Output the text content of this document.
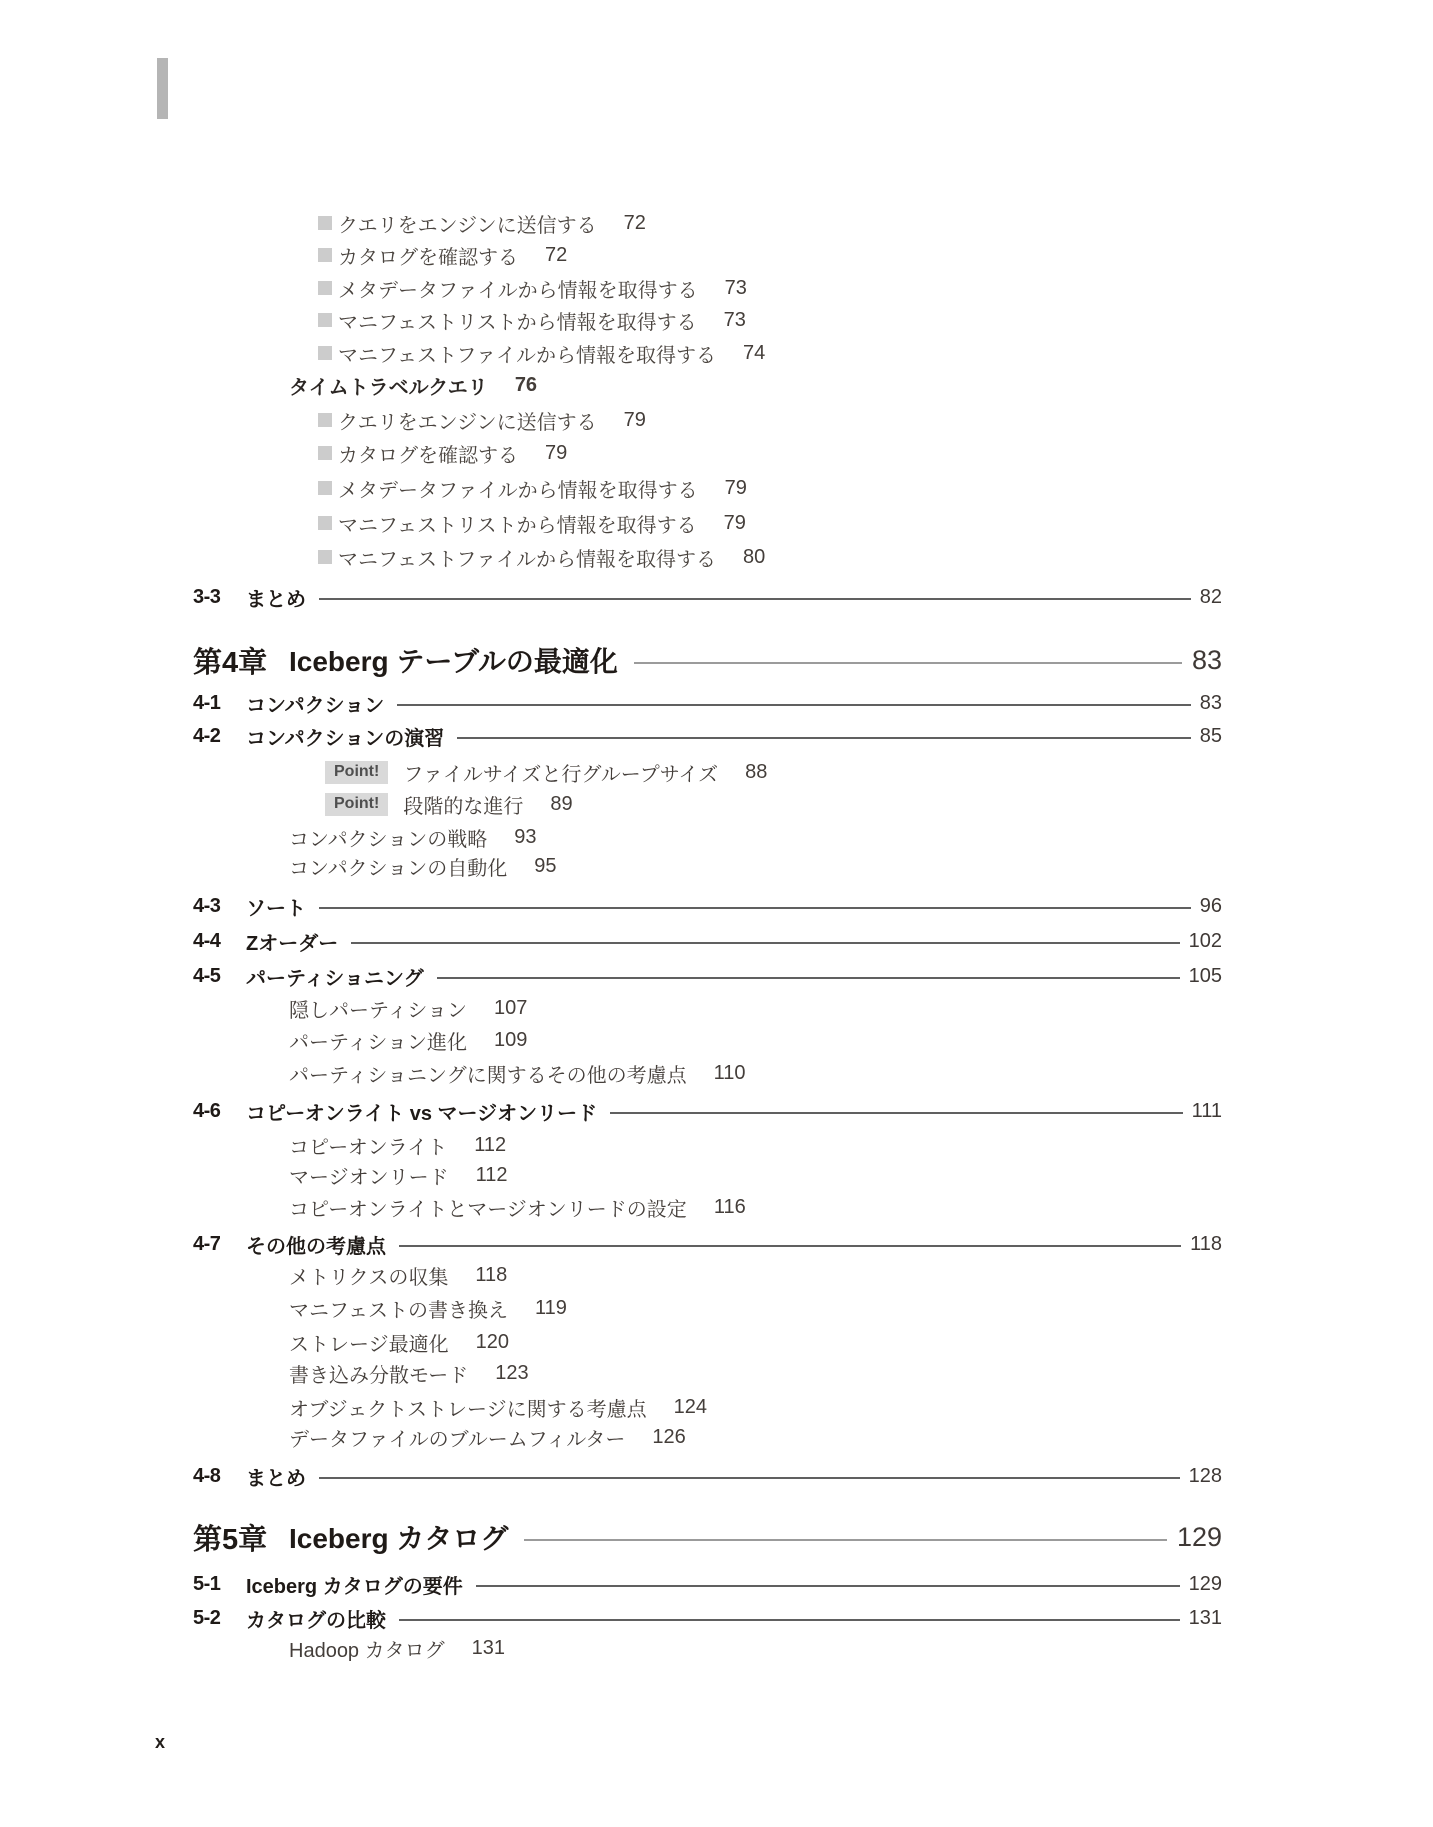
クエリをエンジンに送信する 72
カタログを確認する 72
メタデータファイルから情報を取得する 73
マニフェストリストから情報を取得する 73
マニフェストファイルから情報を取得する 74
タイムトラベルクエリ 76
クエリをエンジンに送信する 79
カタログを確認する 79
メタデータファイルから情報を取得する 79
マニフェストリストから情報を取得する 79
マニフェストファイルから情報を取得する 80
3-3	まとめ	82
第4章 Iceberg テーブルの最適化	83
4-1	コンパクション	83
4-2	コンパクションの演習	85
Point!	ファイルサイズと行グループサイズ 88
Point!	段階的な進行 89
コンパクションの戦略 93
コンパクションの自動化 95
4-3	ソート	96
4-4	Zオーダー	102
4-5	パーティショニング	105
隠しパーティション 107
パーティション進化 109
パーティショニングに関するその他の考慮点 110
4-6	コピーオンライト vs マージオンリード	111
コピーオンライト 112
マージオンリード 112
コピーオンライトとマージオンリードの設定 116
4-7	その他の考慮点	118
メトリクスの収集 118
マニフェストの書き換え 119
ストレージ最適化 120
書き込み分散モード 123
オブジェクトストレージに関する考慮点 124
データファイルのブルームフィルター 126
4-8	まとめ	128
第5章 Iceberg カタログ	129
5-1	Iceberg カタログの要件	129
5-2	カタログの比較	131
Hadoop カタログ 131
x
